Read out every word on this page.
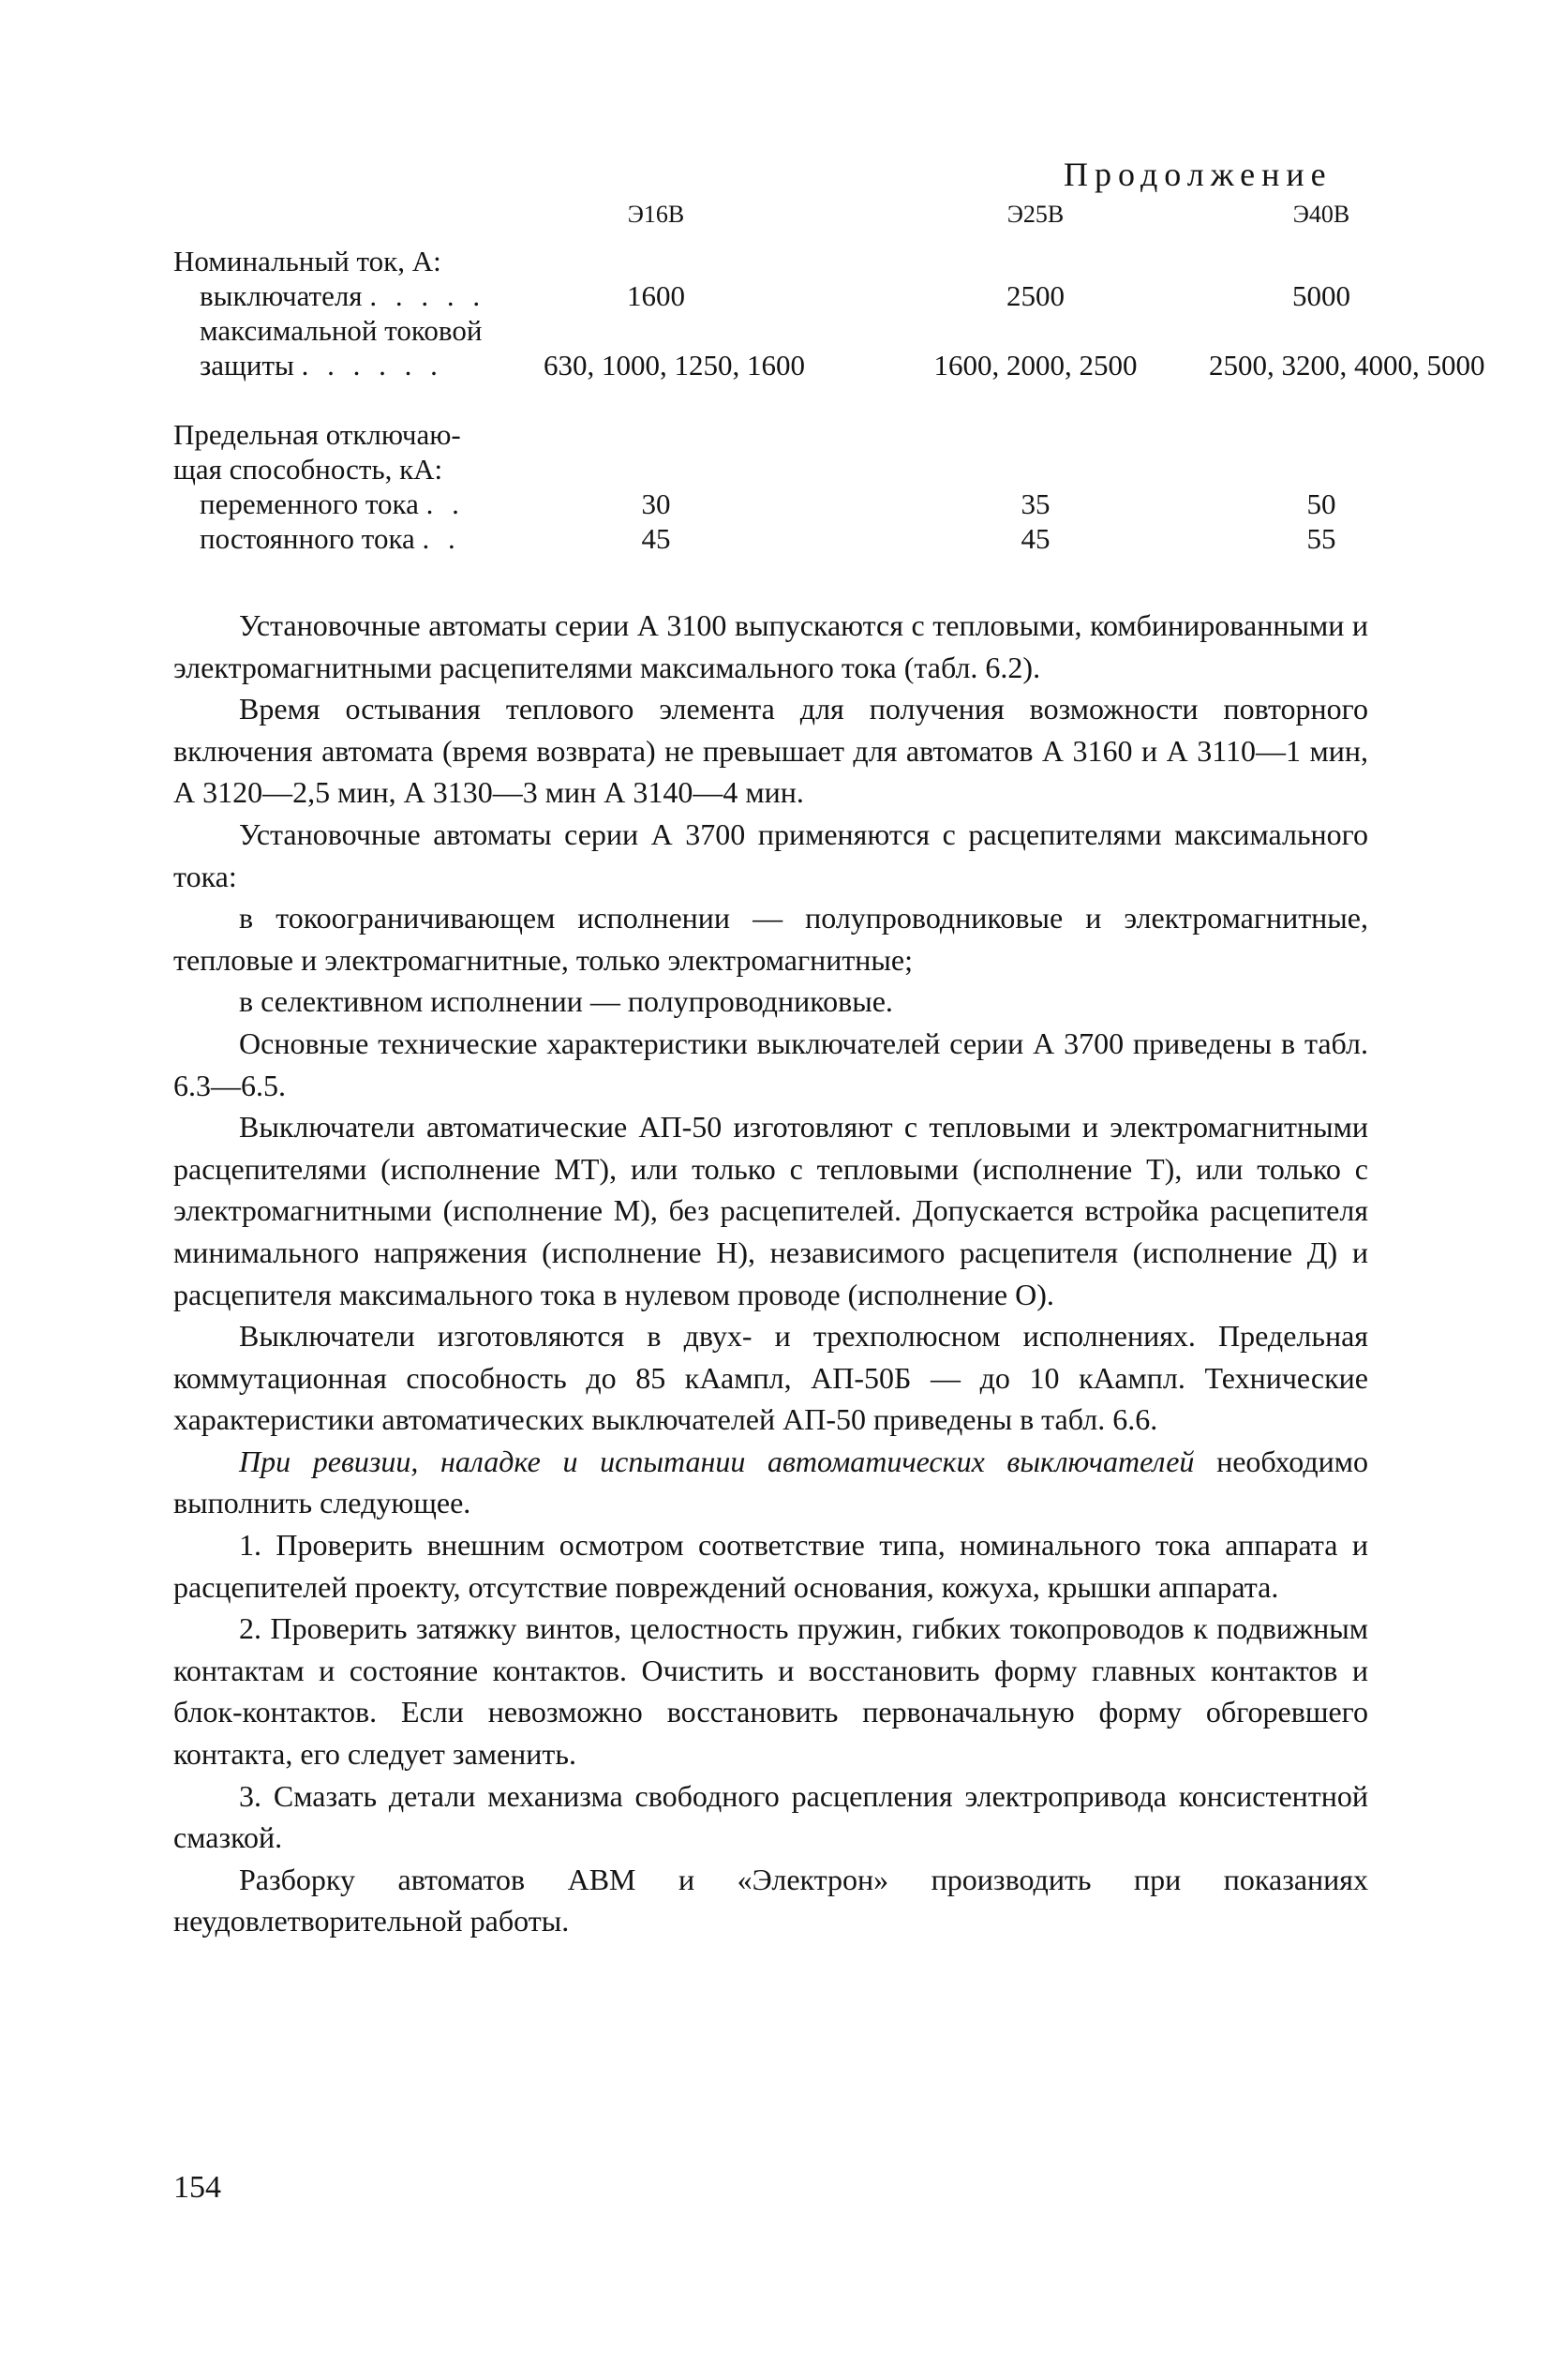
Продолжение
Э16В	Э25В	Э40В
Номинальный ток, А:
выключателя . . . . .	1600	2500	5000
максимальной токовой
защиты . . . . . .	630, 1000, 1250, 1600	1600, 2000, 2500	2500, 3200, 4000, 5000
Предельная отключаю-
щая способность, кА:
переменного тока . .	30	35	50
постоянного тока . .	45	45	55

Установочные автоматы серии А 3100 выпускаются с тепловыми, комбинированными и электромагнитными расцепителями максимального тока (табл. 6.2).

Время остывания теплового элемента для получения возможности повторного включения автомата (время возврата) не превышает для автоматов А 3160 и А 3110—1 мин, А 3120—2,5 мин, А 3130—3 мин А 3140—4 мин.

Установочные автоматы серии А 3700 применяются с расцепителями максимального тока:

в токоограничивающем исполнении — полупроводниковые и электромагнитные, тепловые и электромагнитные, только электромагнитные;

в селективном исполнении — полупроводниковые.

Основные технические характеристики выключателей серии А 3700 приведены в табл. 6.3—6.5.

Выключатели автоматические АП-50 изготовляют с тепловыми и электромагнитными расцепителями (исполнение МТ), или только с тепловыми (исполнение Т), или только с электромагнитными (исполнение М), без расцепителей. Допускается встройка расцепителя минимального напряжения (исполнение Н), независимого расцепителя (исполнение Д) и расцепителя максимального тока в нулевом проводе (исполнение О).

Выключатели изготовляются в двух- и трехполюсном исполнениях. Предельная коммутационная способность до 85 кАампл, АП-50Б — до 10 кАампл. Технические характеристики автоматических выключателей АП-50 приведены в табл. 6.6.

При ревизии, наладке и испытании автоматических выключателей необходимо выполнить следующее.

1. Проверить внешним осмотром соответствие типа, номинального тока аппарата и расцепителей проекту, отсутствие повреждений основания, кожуха, крышки аппарата.

2. Проверить затяжку винтов, целостность пружин, гибких токопроводов к подвижным контактам и состояние контактов. Очистить и восстановить форму главных контактов и блок-контактов. Если невозможно восстановить первоначальную форму обгоревшего контакта, его следует заменить.

3. Смазать детали механизма свободного расцепления электропривода консистентной смазкой.

Разборку автоматов АВМ и «Электрон» производить при показаниях неудовлетворительной работы.

154
